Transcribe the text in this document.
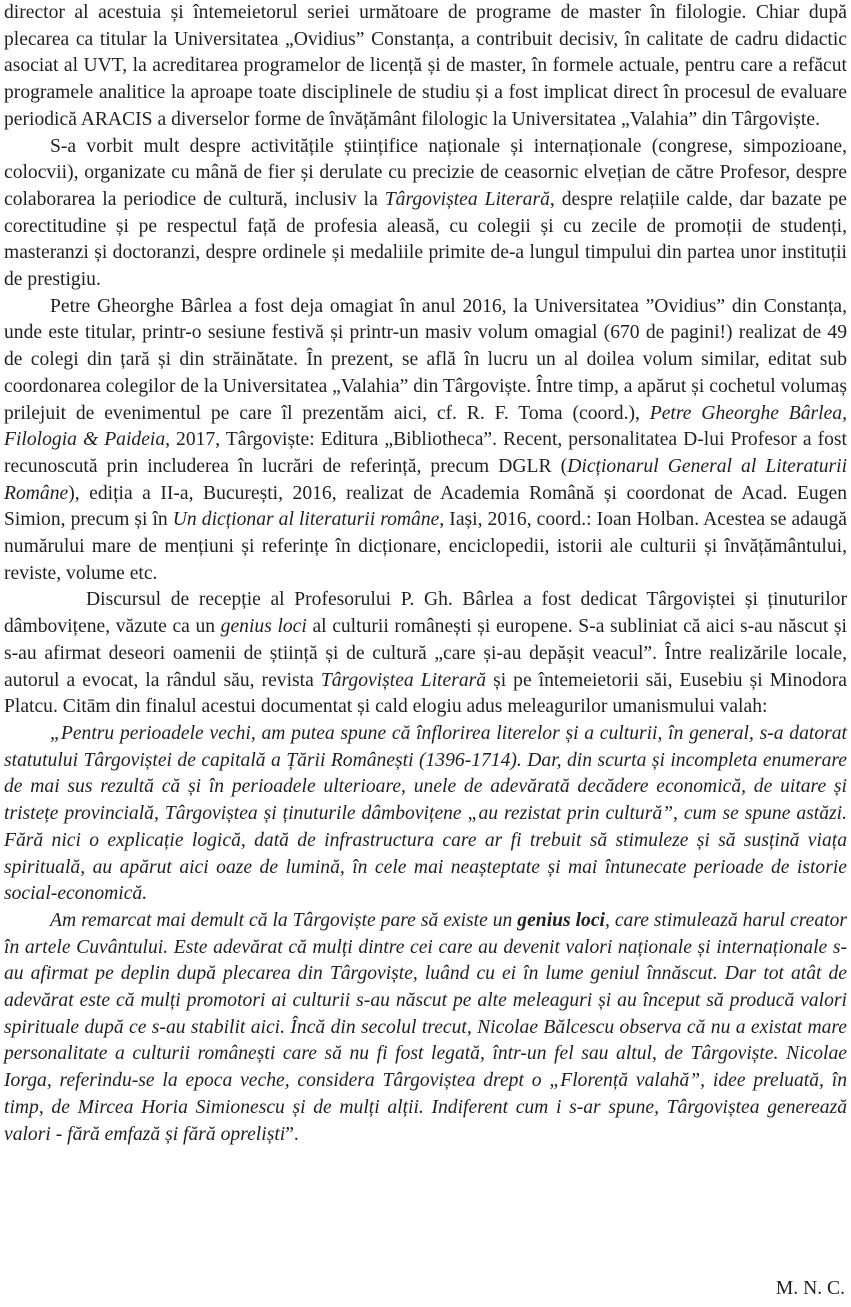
director al acestuia și întemeietorul seriei următoare de programe de master în filologie. Chiar după plecarea ca titular la Universitatea „Ovidius” Constanța, a contribuit decisiv, în calitate de cadru didactic asociat al UVT, la acreditarea programelor de licență și de master, în formele actuale, pentru care a refăcut programele analitice la aproape toate disciplinele de studiu și a fost implicat direct în procesul de evaluare periodică ARACIS a diverselor forme de învățământ filologic la Universitatea „Valahia” din Târgoviște.

S-a vorbit mult despre activitățile științifice naționale și internaționale (congrese, simpozioane, colocvii), organizate cu mână de fier și derulate cu precizie de ceasornic elvețian de către Profesor, despre colaborarea la periodice de cultură, inclusiv la Târgoviștea Literară, despre relațiile calde, dar bazate pe corectitudine și pe respectul față de profesia aleasă, cu colegii și cu zecile de promoții de studenți, masteranzi și doctoranzi, despre ordinele și medaliile primite de-a lungul timpului din partea unor instituții de prestigiu.

Petre Gheorghe Bârlea a fost deja omagiat în anul 2016, la Universitatea ”Ovidius” din Constanța, unde este titular, printr-o sesiune festivă și printr-un masiv volum omagial (670 de pagini!) realizat de 49 de colegi din țară și din străinătate. În prezent, se află în lucru un al doilea volum similar, editat sub coordonarea colegilor de la Universitatea „Valahia” din Târgoviște. Între timp, a apărut și cochetul volumaș prilejuit de evenimentul pe care îl prezentăm aici, cf. R. F. Toma (coord.), Petre Gheorghe Bârlea, Filologia & Paideia, 2017, Târgoviște: Editura „Bibliotheca”. Recent, personalitatea D-lui Profesor a fost recunoscută prin includerea în lucrări de referință, precum DGLR (Dicționarul General al Literaturii Române), ediția a II-a, București, 2016, realizat de Academia Română și coordonat de Acad. Eugen Simion, precum și în Un dicționar al literaturii române, Iași, 2016, coord.: Ioan Holban. Acestea se adaugă numărului mare de mențiuni și referințe în dicționare, enciclopedii, istorii ale culturii și învățământului, reviste, volume etc.

Discursul de recepție al Profesorului P. Gh. Bârlea a fost dedicat Târgoviștei și ținuturilor dâmbovițene, văzute ca un genius loci al culturii românești și europene. S-a subliniat că aici s-au născut și s-au afirmat deseori oamenii de știință și de cultură „care și-au depășit veacul”. Între realizările locale, autorul a evocat, la rândul său, revista Târgoviștea Literară și pe întemeietorii săi, Eusebiu și Minodora Platcu. Citām din finalul acestui documentat și cald elogiu adus meleagurilor umanismului valah:

„Pentru perioadele vechi, am putea spune că înflorirea literelor și a culturii, în general, s-a datorat statutului Târgoviștei de capitală a Țării Românești (1396-1714). Dar, din scurta și incompleta enumerare de mai sus rezultă că și în perioadele ulterioare, unele de adevărată decădere economică, de uitare și tristețe provincială, Târgoviștea și ținuturile dâmbovițene „au rezistat prin cultură”, cum se spune astăzi. Fără nici o explicație logică, dată de infrastructura care ar fi trebuit să stimuleze și să susțină viața spirituală, au apărut aici oaze de lumină, în cele mai neașteptate și mai întunecate perioade de istorie social-economică.

Am remarcat mai demult că la Târgoviște pare să existe un genius loci, care stimulează harul creator în artele Cuvântului. Este adevărat că mulți dintre cei care au devenit valori naționale și internaționale s-au afirmat pe deplin după plecarea din Târgoviște, luând cu ei în lume geniul înnăscut. Dar tot atât de adevărat este că mulți promotori ai culturii s-au născut pe alte meleaguri și au început să producă valori spirituale după ce s-au stabilit aici. Încă din secolul trecut, Nicolae Bălcescu observa că nu a existat mare personalitate a culturii românești care să nu fi fost legată, într-un fel sau altul, de Târgoviște. Nicolae Iorga, referindu-se la epoca veche, considera Târgoviștea drept o „Florență valahă”, idee preluată, în timp, de Mircea Horia Simionescu și de mulți alții. Indiferent cum i s-ar spune, Târgoviștea generează valori - fără emfază și fără opreliști”.

M. N. C.
